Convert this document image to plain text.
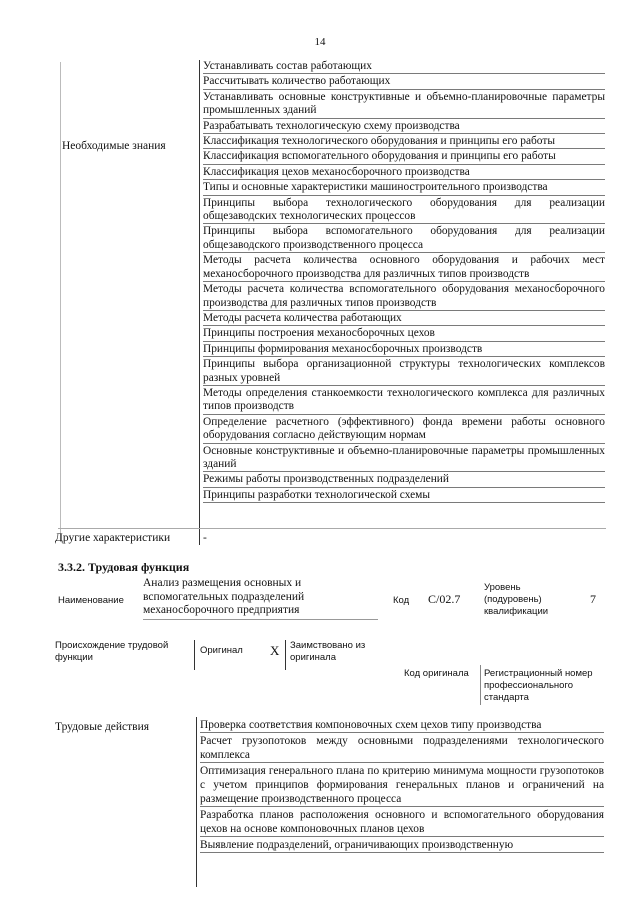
14
Необходимые знания
Устанавливать состав работающих
Рассчитывать количество работающих
Устанавливать основные конструктивные и объемно-планировочные параметры промышленных зданий
Разрабатывать технологическую схему производства
Классификация технологического оборудования и принципы его работы
Классификация вспомогательного оборудования и принципы его работы
Классификация цехов механосборочного производства
Типы и основные характеристики машиностроительного производства
Принципы выбора технологического оборудования для реализации общезаводских технологических процессов
Принципы выбора вспомогательного оборудования для реализации общезаводского производственного процесса
Методы расчета количества основного оборудования и рабочих мест механосборочного производства для различных типов производств
Методы расчета количества вспомогательного оборудования механосборочного производства для различных типов производств
Методы расчета количества работающих
Принципы построения механосборочных цехов
Принципы формирования механосборочных производств
Принципы выбора организационной структуры технологических комплексов разных уровней
Методы определения станкоемкости технологического комплекса для различных типов производств
Определение расчетного (эффективного) фонда времени работы основного оборудования согласно действующим нормам
Основные конструктивные и объемно-планировочные параметры промышленных зданий
Режимы работы производственных подразделений
Принципы разработки технологической схемы
Другие характеристики	-
3.3.2. Трудовая функция
Наименование
Анализ размещения основных и вспомогательных подразделений механосборочного предприятия
Код С/02.7
Уровень (подуровень) квалификации
7
Происхождение трудовой функции
Оригинал X Заимствовано из оригинала
Код оригинала Регистрационный номер профессионального стандарта
Трудовые действия	Проверка соответствия компоновочных схем цехов типу производства
Расчет грузопотоков между основными подразделениями технологического комплекса
Оптимизация генерального плана по критерию минимума мощности грузопотоков с учетом принципов формирования генеральных планов и ограничений на размещение производственного процесса
Разработка планов расположения основного и вспомогательного оборудования цехов на основе компоновочных планов цехов
Выявление подразделений, ограничивающих производственную
